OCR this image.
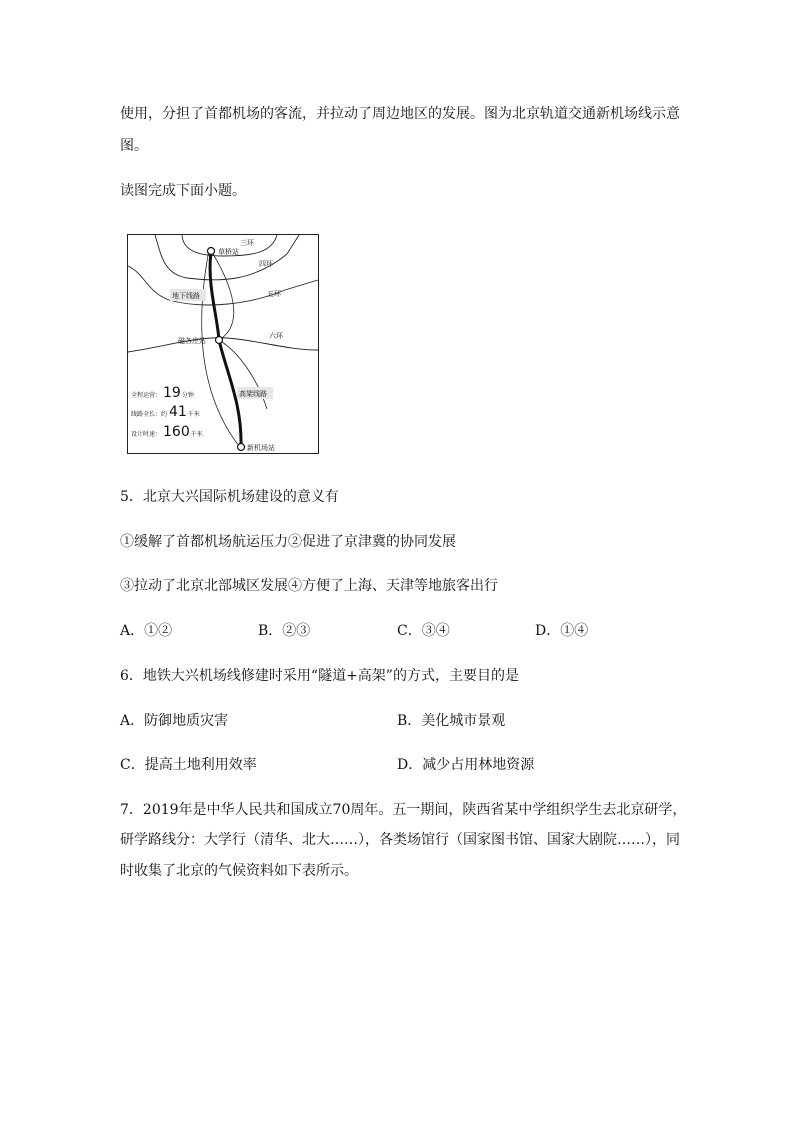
使用，分担了首都机场的客流，并拉动了周边地区的发展。图为北京轨道交通新机场线示意
图。
读图完成下面小题。
三环
四环
五环
六环
草桥站
磁各庄站
新机场站
地下线路
高架线路
全程运营： 19分钟
线路全长：约 41千米
设计时速： 160千米
5．北京大兴国际机场建设的意义有
①缓解了首都机场航运压力②促进了京津冀的协同发展
③拉动了北京北部城区发展④方便了上海、天津等地旅客出行
A．①②	B．②③	C．③④	D．①④
6．地铁大兴机场线修建时采用“隧道+高架”的方式，主要目的是
A．防御地质灾害	B．美化城市景观
C．提高土地利用效率	D．减少占用林地资源
7．2019年是中华人民共和国成立70周年。五一期间，陕西省某中学组织学生去北京研学，
研学路线分：大学行（清华、北大……），各类场馆行（国家图书馆、国家大剧院……），同
时收集了北京的气候资料如下表所示。
